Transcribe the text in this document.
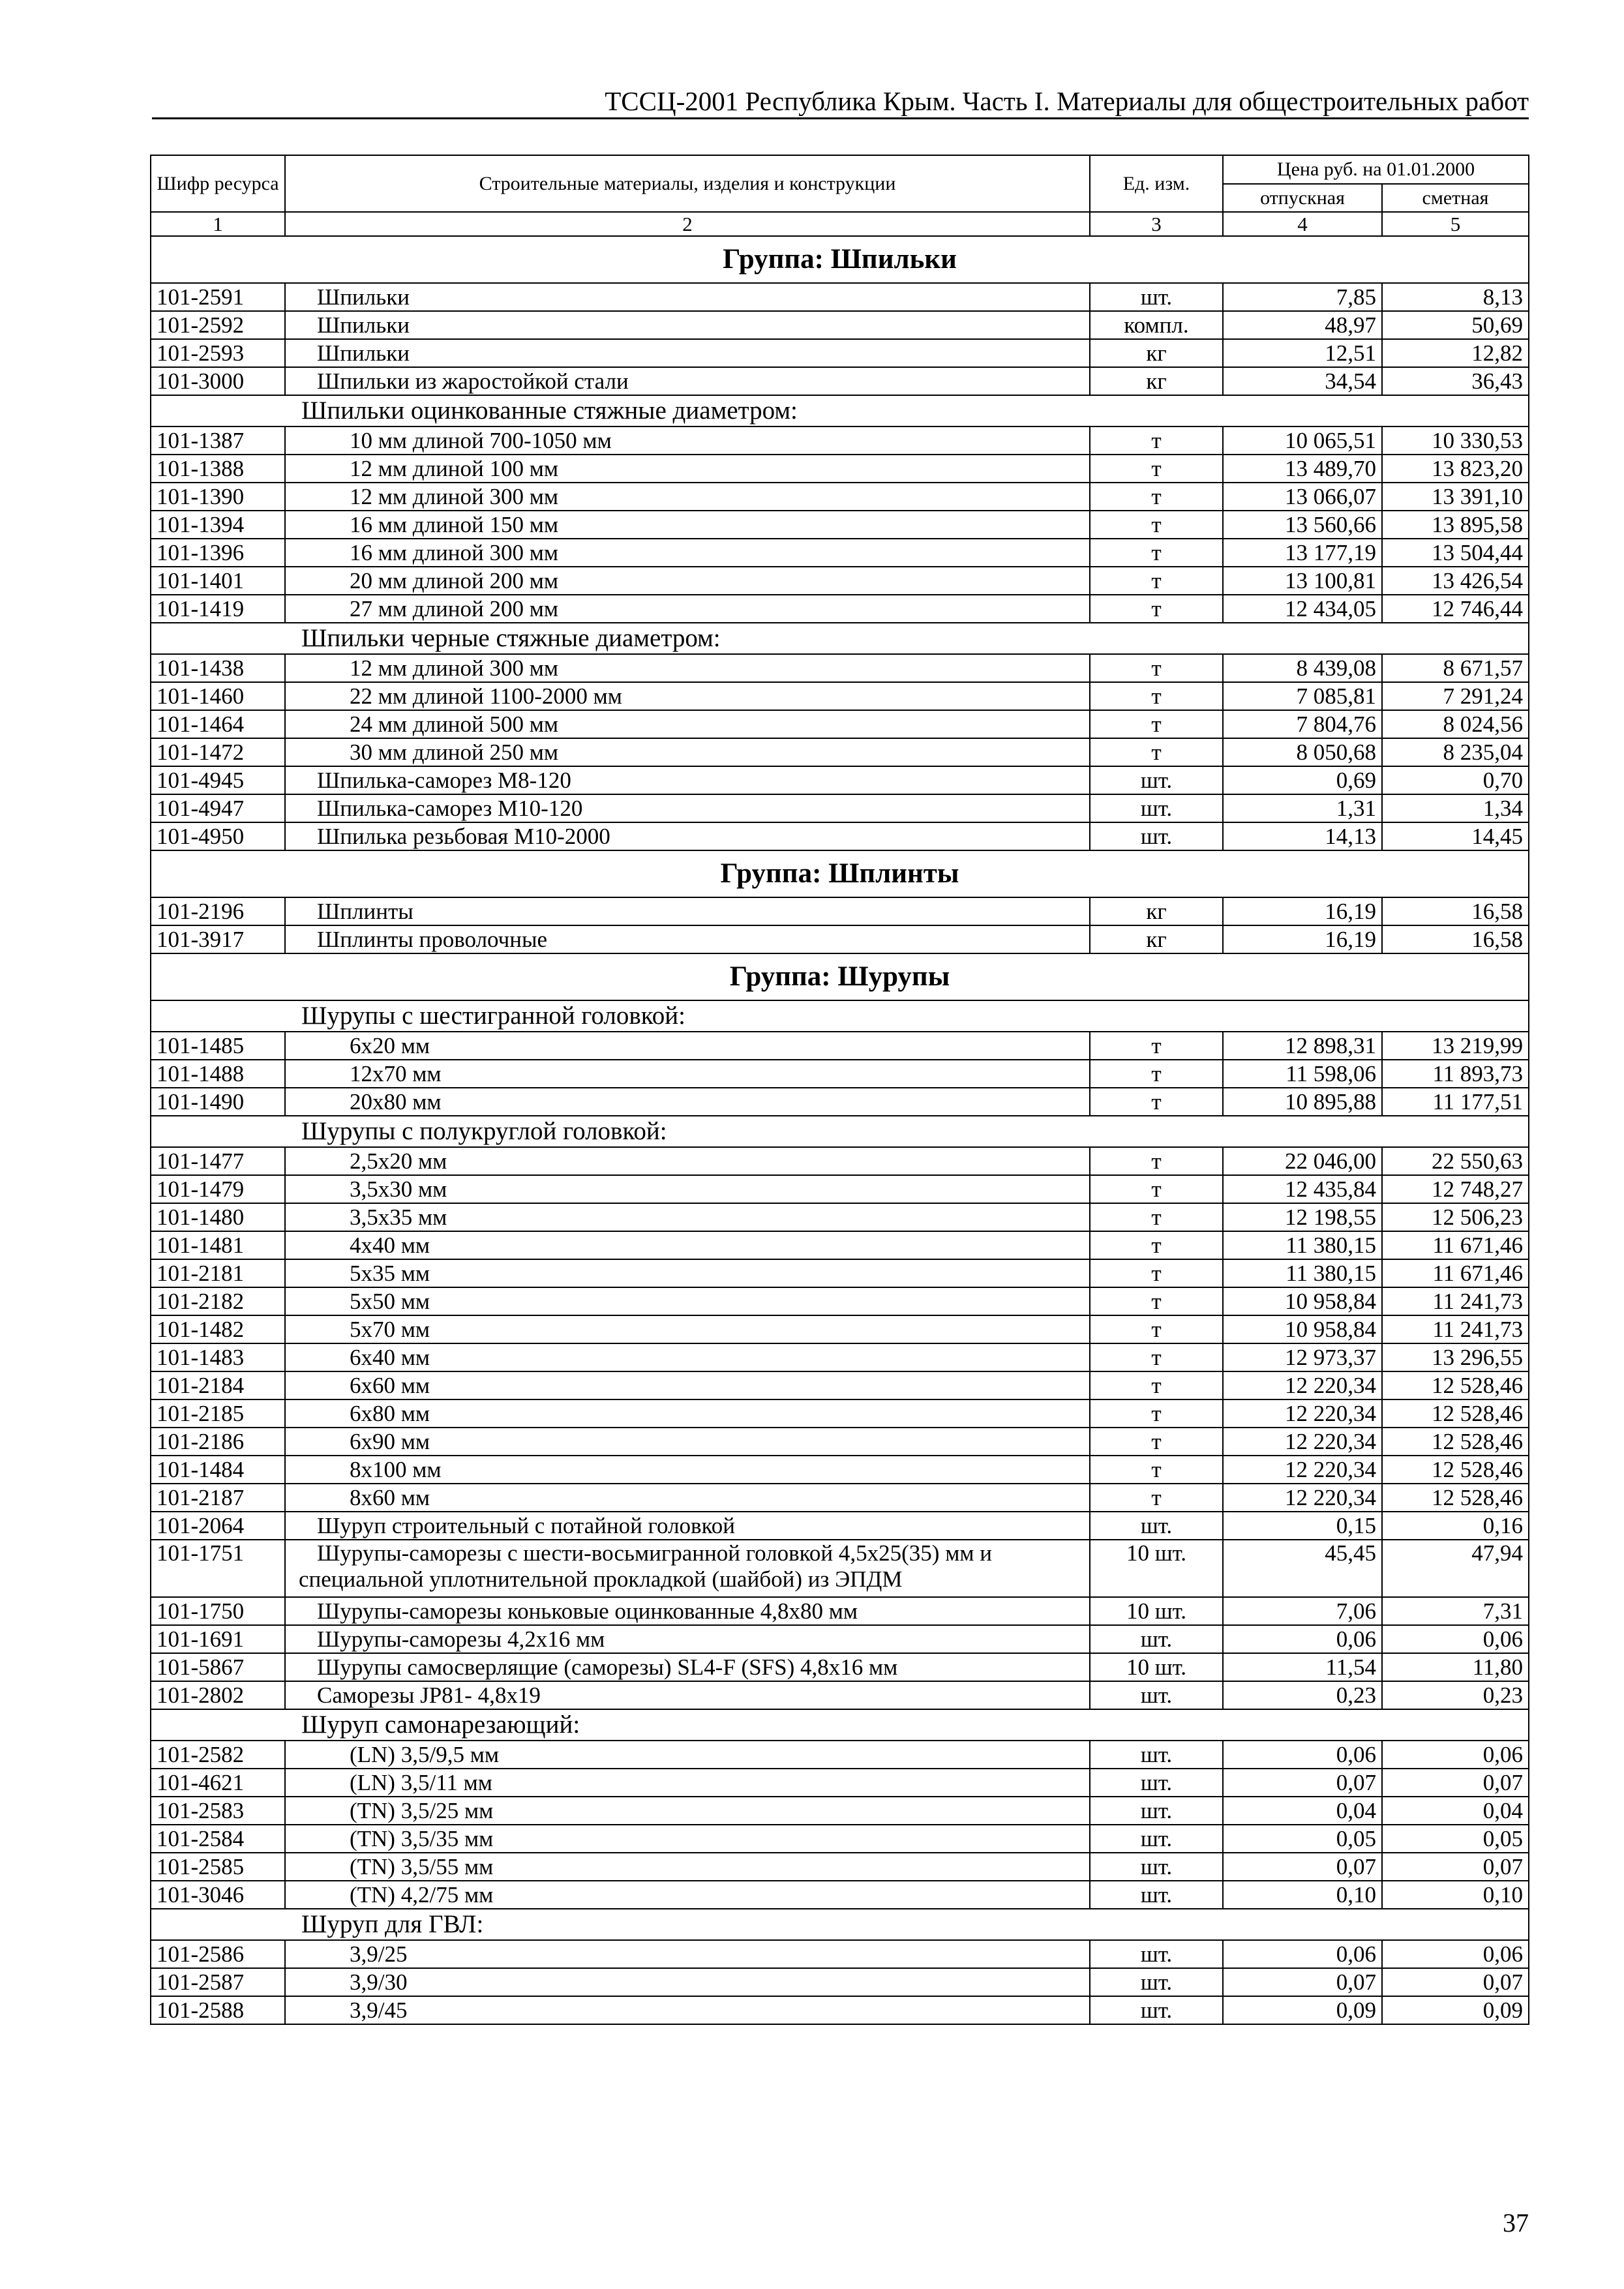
ТССЦ-2001 Республика Крым. Часть I. Материалы для общестроительных работ
Шифр ресурса	Строительные материалы, изделия и конструкции	Ед. изм.	Цена руб. на 01.01.2000	
			отпускная	сметная
1	2	3	4	5
Группа: Шпильки				
101-2591	Шпильки	шт.	7,85	8,13
101-2592	Шпильки	компл.	48,97	50,69
101-2593	Шпильки	кг	12,51	12,82
101-3000	Шпильки из жаростойкой стали	кг	34,54	36,43
Шпильки оцинкованные стяжные диаметром:				
101-1387	10 мм длиной 700-1050 мм	т	10 065,51	10 330,53
101-1388	12 мм длиной 100 мм	т	13 489,70	13 823,20
101-1390	12 мм длиной 300 мм	т	13 066,07	13 391,10
101-1394	16 мм длиной 150 мм	т	13 560,66	13 895,58
101-1396	16 мм длиной 300 мм	т	13 177,19	13 504,44
101-1401	20 мм длиной 200 мм	т	13 100,81	13 426,54
101-1419	27 мм длиной 200 мм	т	12 434,05	12 746,44
Шпильки черные стяжные диаметром:				
101-1438	12 мм длиной 300 мм	т	8 439,08	8 671,57
101-1460	22 мм длиной 1100-2000 мм	т	7 085,81	7 291,24
101-1464	24 мм длиной 500 мм	т	7 804,76	8 024,56
101-1472	30 мм длиной 250 мм	т	8 050,68	8 235,04
101-4945	Шпилька-саморез М8-120	шт.	0,69	0,70
101-4947	Шпилька-саморез М10-120	шт.	1,31	1,34
101-4950	Шпилька резьбовая М10-2000	шт.	14,13	14,45
Группа: Шплинты				
101-2196	Шплинты	кг	16,19	16,58
101-3917	Шплинты проволочные	кг	16,19	16,58
Группа: Шурупы				
Шурупы с шестигранной головкой:				
101-1485	6x20 мм	т	12 898,31	13 219,99
101-1488	12x70 мм	т	11 598,06	11 893,73
101-1490	20x80 мм	т	10 895,88	11 177,51
Шурупы с полукруглой головкой:				
101-1477	2,5x20 мм	т	22 046,00	22 550,63
101-1479	3,5x30 мм	т	12 435,84	12 748,27
101-1480	3,5x35 мм	т	12 198,55	12 506,23
101-1481	4x40 мм	т	11 380,15	11 671,46
101-2181	5x35 мм	т	11 380,15	11 671,46
101-2182	5x50 мм	т	10 958,84	11 241,73
101-1482	5x70 мм	т	10 958,84	11 241,73
101-1483	6x40 мм	т	12 973,37	13 296,55
101-2184	6x60 мм	т	12 220,34	12 528,46
101-2185	6x80 мм	т	12 220,34	12 528,46
101-2186	6x90 мм	т	12 220,34	12 528,46
101-1484	8x100 мм	т	12 220,34	12 528,46
101-2187	8x60 мм	т	12 220,34	12 528,46
101-2064	Шуруп строительный с потайной головкой	шт.	0,15	0,16
101-1751	Шурупы-саморезы с шести-восьмигранной головкой 4,5x25(35) мм и
специальной уплотнительной прокладкой (шайбой) из ЭПДМ	10 шт.	45,45	47,94
101-1750	Шурупы-саморезы коньковые оцинкованные 4,8x80 мм	10 шт.	7,06	7,31
101-1691	Шурупы-саморезы 4,2x16 мм	шт.	0,06	0,06
101-5867	Шурупы самосверлящие (саморезы) SL4-F (SFS) 4,8x16 мм	10 шт.	11,54	11,80
101-2802	Саморезы JP81- 4,8x19	шт.	0,23	0,23
Шуруп самонарезающий:				
101-2582	(LN) 3,5/9,5 мм	шт.	0,06	0,06
101-4621	(LN) 3,5/11 мм	шт.	0,07	0,07
101-2583	(TN) 3,5/25 мм	шт.	0,04	0,04
101-2584	(TN) 3,5/35 мм	шт.	0,05	0,05
101-2585	(TN) 3,5/55 мм	шт.	0,07	0,07
101-3046	(TN) 4,2/75 мм	шт.	0,10	0,10
Шуруп для ГВЛ:				
101-2586	3,9/25	шт.	0,06	0,06
101-2587	3,9/30	шт.	0,07	0,07
101-2588	3,9/45	шт.	0,09	0,09
37
